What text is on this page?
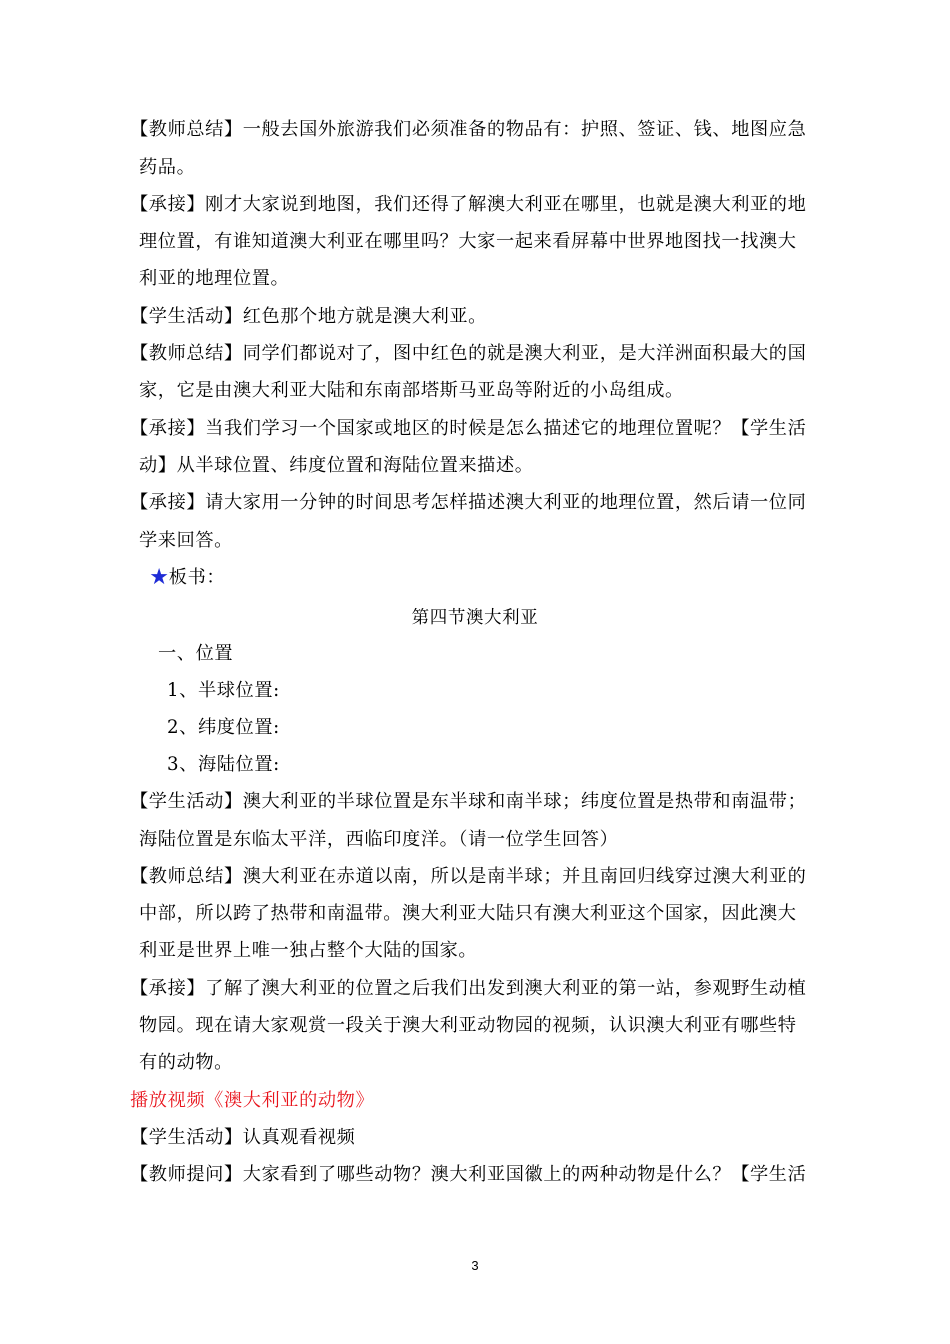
【教师总结】一般去国外旅游我们必须准备的物品有：护照、签证、钱、地图应急
药品。
【承接】刚才大家说到地图，我们还得了解澳大利亚在哪里，也就是澳大利亚的地
理位置，有谁知道澳大利亚在哪里吗？大家一起来看屏幕中世界地图找一找澳大
利亚的地理位置。
【学生活动】红色那个地方就是澳大利亚。
【教师总结】同学们都说对了，图中红色的就是澳大利亚，是大洋洲面积最大的国
家，它是由澳大利亚大陆和东南部塔斯马亚岛等附近的小岛组成。
【承接】当我们学习一个国家或地区的时候是怎么描述它的地理位置呢？【学生活
动】从半球位置、纬度位置和海陆位置来描述。
【承接】请大家用一分钟的时间思考怎样描述澳大利亚的地理位置，然后请一位同
学来回答。
★板书：
第四节澳大利亚
一、位置
1、半球位置:
2、纬度位置:
3、海陆位置:
【学生活动】澳大利亚的半球位置是东半球和南半球；纬度位置是热带和南温带；
海陆位置是东临太平洋，西临印度洋。（请一位学生回答）
【教师总结】澳大利亚在赤道以南，所以是南半球；并且南回归线穿过澳大利亚的
中部，所以跨了热带和南温带。澳大利亚大陆只有澳大利亚这个国家，因此澳大
利亚是世界上唯一独占整个大陆的国家。
【承接】了解了澳大利亚的位置之后我们出发到澳大利亚的第一站，参观野生动植
物园。现在请大家观赏一段关于澳大利亚动物园的视频，认识澳大利亚有哪些特
有的动物。
播放视频《澳大利亚的动物》
【学生活动】认真观看视频
【教师提问】大家看到了哪些动物？澳大利亚国徽上的两种动物是什么？【学生活
3
